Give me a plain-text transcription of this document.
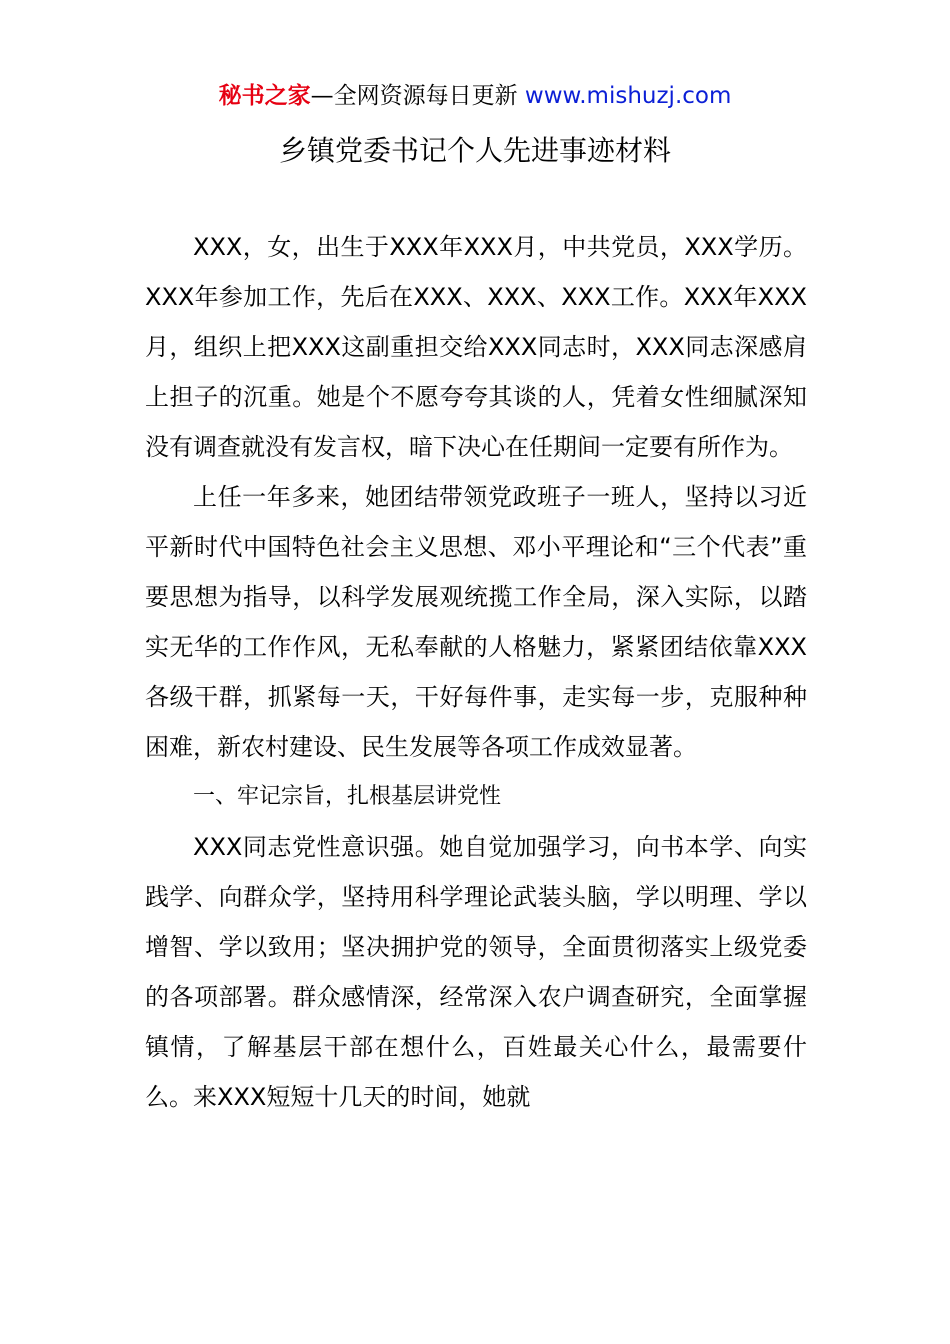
秘书之家—全网资源每日更新 www.mishuzj.com
乡镇党委书记个人先进事迹材料

XXX，女，出生于XXX年XXX月，中共党员，XXX学历。XXX年参加工作，先后在XXX、XXX、XXX工作。XXX年XXX月，组织上把XXX这副重担交给XXX同志时，XXX同志深感肩上担子的沉重。她是个不愿夸夸其谈的人，凭着女性细腻深知没有调查就没有发言权，暗下决心在任期间一定要有所作为。

上任一年多来，她团结带领党政班子一班人，坚持以习近平新时代中国特色社会主义思想、邓小平理论和“三个代表”重要思想为指导，以科学发展观统揽工作全局，深入实际，以踏实无华的工作作风，无私奉献的人格魅力，紧紧团结依靠XXX各级干群，抓紧每一天，干好每件事，走实每一步，克服种种困难，新农村建设、民生发展等各项工作成效显著。

一、牢记宗旨，扎根基层讲党性

XXX同志党性意识强。她自觉加强学习，向书本学、向实践学、向群众学，坚持用科学理论武装头脑，学以明理、学以增智、学以致用；坚决拥护党的领导，全面贯彻落实上级党委的各项部署。群众感情深，经常深入农户调查研究，全面掌握镇情，了解基层干部在想什么，百姓最关心什么，最需要什么。来XXX短短十几天的时间，她就
